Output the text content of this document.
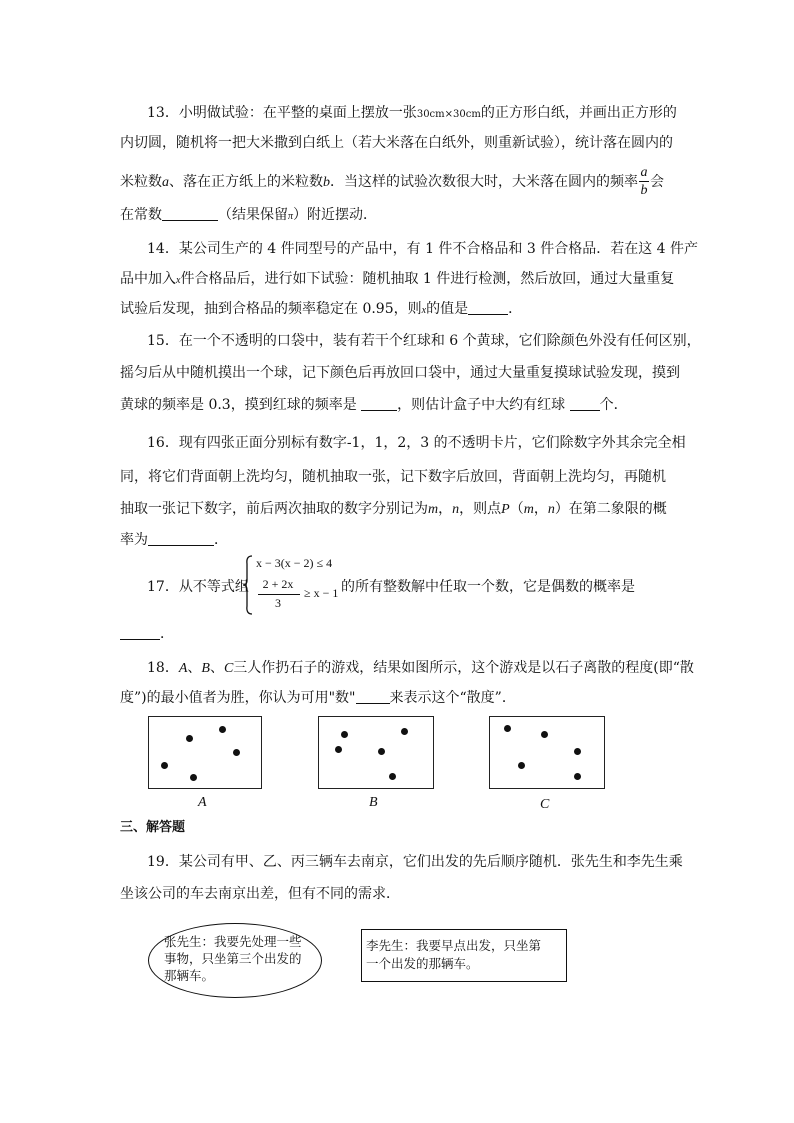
13．小明做试验：在平整的桌面上摆放一张30cm×30cm的正方形白纸，并画出正方形的
内切圆，随机将一把大米撒到白纸上（若大米落在白纸外，则重新试验），统计落在圆内的
米粒数a、落在正方纸上的米粒数b．当这样的试验次数很大时，大米落在圆内的频率 $\frac{a}{b}$ 会
在常数	（结果保留π）附近摆动．
14．某公司生产的 4 件同型号的产品中，有 1 件不合格品和 3 件合格品．若在这 4 件产
品中加入x件合格品后，进行如下试验：随机抽取 1 件进行检测，然后放回，通过大量重复
试验后发现，抽到合格品的频率稳定在 0.95，则x的值是	．
15．在一个不透明的口袋中，装有若干个红球和 6 个黄球，它们除颜色外没有任何区别，
摇匀后从中随机摸出一个球，记下颜色后再放回口袋中，通过大量重复摸球试验发现，摸到
黄球的频率是 0.3，摸到红球的频率是	，则估计盒子中大约有红球 个．
16．现有四张正面分别标有数字-1，1，2，3 的不透明卡片，它们除数字外其余完全相
同，将它们背面朝上洗均匀，随机抽取一张，记下数字后放回，背面朝上洗均匀，再随机
抽取一张记下数字，前后两次抽取的数字分别记为m，n，则点P（m，n）在第二象限的概
率为	．
17．从不等式组
x − 3(x − 2) ≤ 4
2 + 2x
3
≥ x − 1 的所有整数解中任取一个数，它是偶数的概率是
．
18．A、B、C三人作扔石子的游戏，结果如图所示，这个游戏是以石子离散的程度(即“散
度”)的最小值者为胜，你认为可用"数" 来表示这个“散度”．
A	B	C
三、解答题
19．某公司有甲、乙、丙三辆车去南京，它们出发的先后顺序随机．张先生和李先生乘
坐该公司的车去南京出差，但有不同的需求．
张先生：我要先处理一些
事物，只坐第三个出发的
那辆车。
李先生：我要早点出发，只坐第
一个出发的那辆车。
